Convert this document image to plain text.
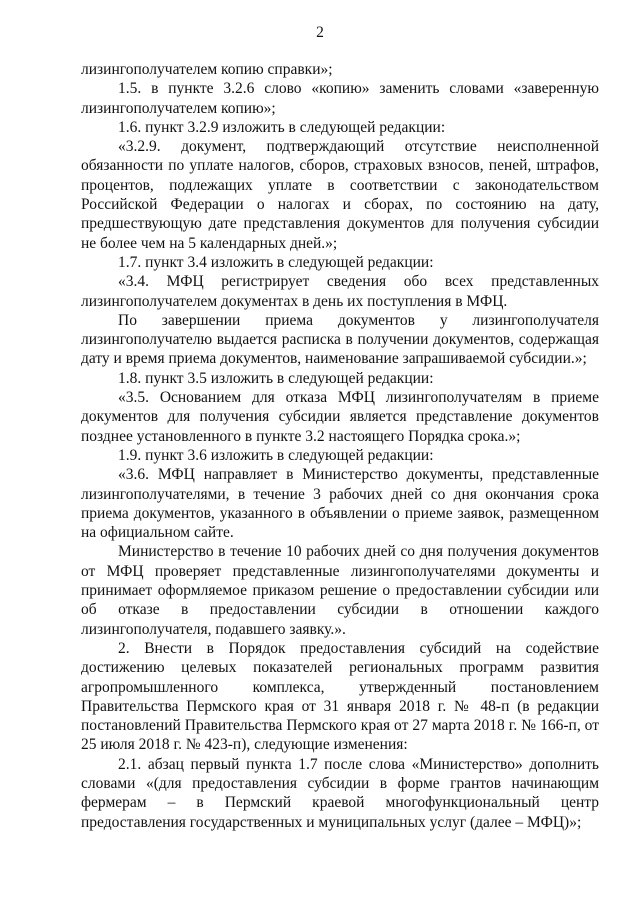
2

лизингополучателем копию справки»;

1.5. в пункте 3.2.6 слово «копию» заменить словами «заверенную лизингополучателем копию»;

1.6. пункт 3.2.9 изложить в следующей редакции:

«3.2.9. документ, подтверждающий отсутствие неисполненной обязанности по уплате налогов, сборов, страховых взносов, пеней, штрафов, процентов, подлежащих уплате в соответствии с законодательством Российской Федерации о налогах и сборах, по состоянию на дату, предшествующую дате представления документов для получения субсидии не более чем на 5 календарных дней.»;

1.7. пункт 3.4 изложить в следующей редакции:

«3.4. МФЦ регистрирует сведения обо всех представленных лизингополучателем документах в день их поступления в МФЦ.

По завершении приема документов у лизингополучателя лизингополучателю выдается расписка в получении документов, содержащая дату и время приема документов, наименование запрашиваемой субсидии.»;

1.8. пункт 3.5 изложить в следующей редакции:

«3.5. Основанием для отказа МФЦ лизингополучателям в приеме документов для получения субсидии является представление документов позднее установленного в пункте 3.2 настоящего Порядка срока.»;

1.9. пункт 3.6 изложить в следующей редакции:

«3.6. МФЦ направляет в Министерство документы, представленные лизингополучателями, в течение 3 рабочих дней со дня окончания срока приема документов, указанного в объявлении о приеме заявок, размещенном на официальном сайте.

Министерство в течение 10 рабочих дней со дня получения документов от МФЦ проверяет представленные лизингополучателями документы и принимает оформляемое приказом решение о предоставлении субсидии или об отказе в предоставлении субсидии в отношении каждого лизингополучателя, подавшего заявку.».

2. Внести в Порядок предоставления субсидий на содействие достижению целевых показателей региональных программ развития агропромышленного комплекса, утвержденный постановлением Правительства Пермского края от 31 января 2018 г. № 48-п (в редакции постановлений Правительства Пермского края от 27 марта 2018 г. № 166-п, от 25 июля 2018 г. № 423-п), следующие изменения:

2.1. абзац первый пункта 1.7 после слова «Министерство» дополнить словами «(для предоставления субсидии в форме грантов начинающим фермерам – в Пермский краевой многофункциональный центр предоставления государственных и муниципальных услуг (далее – МФЦ)»;
